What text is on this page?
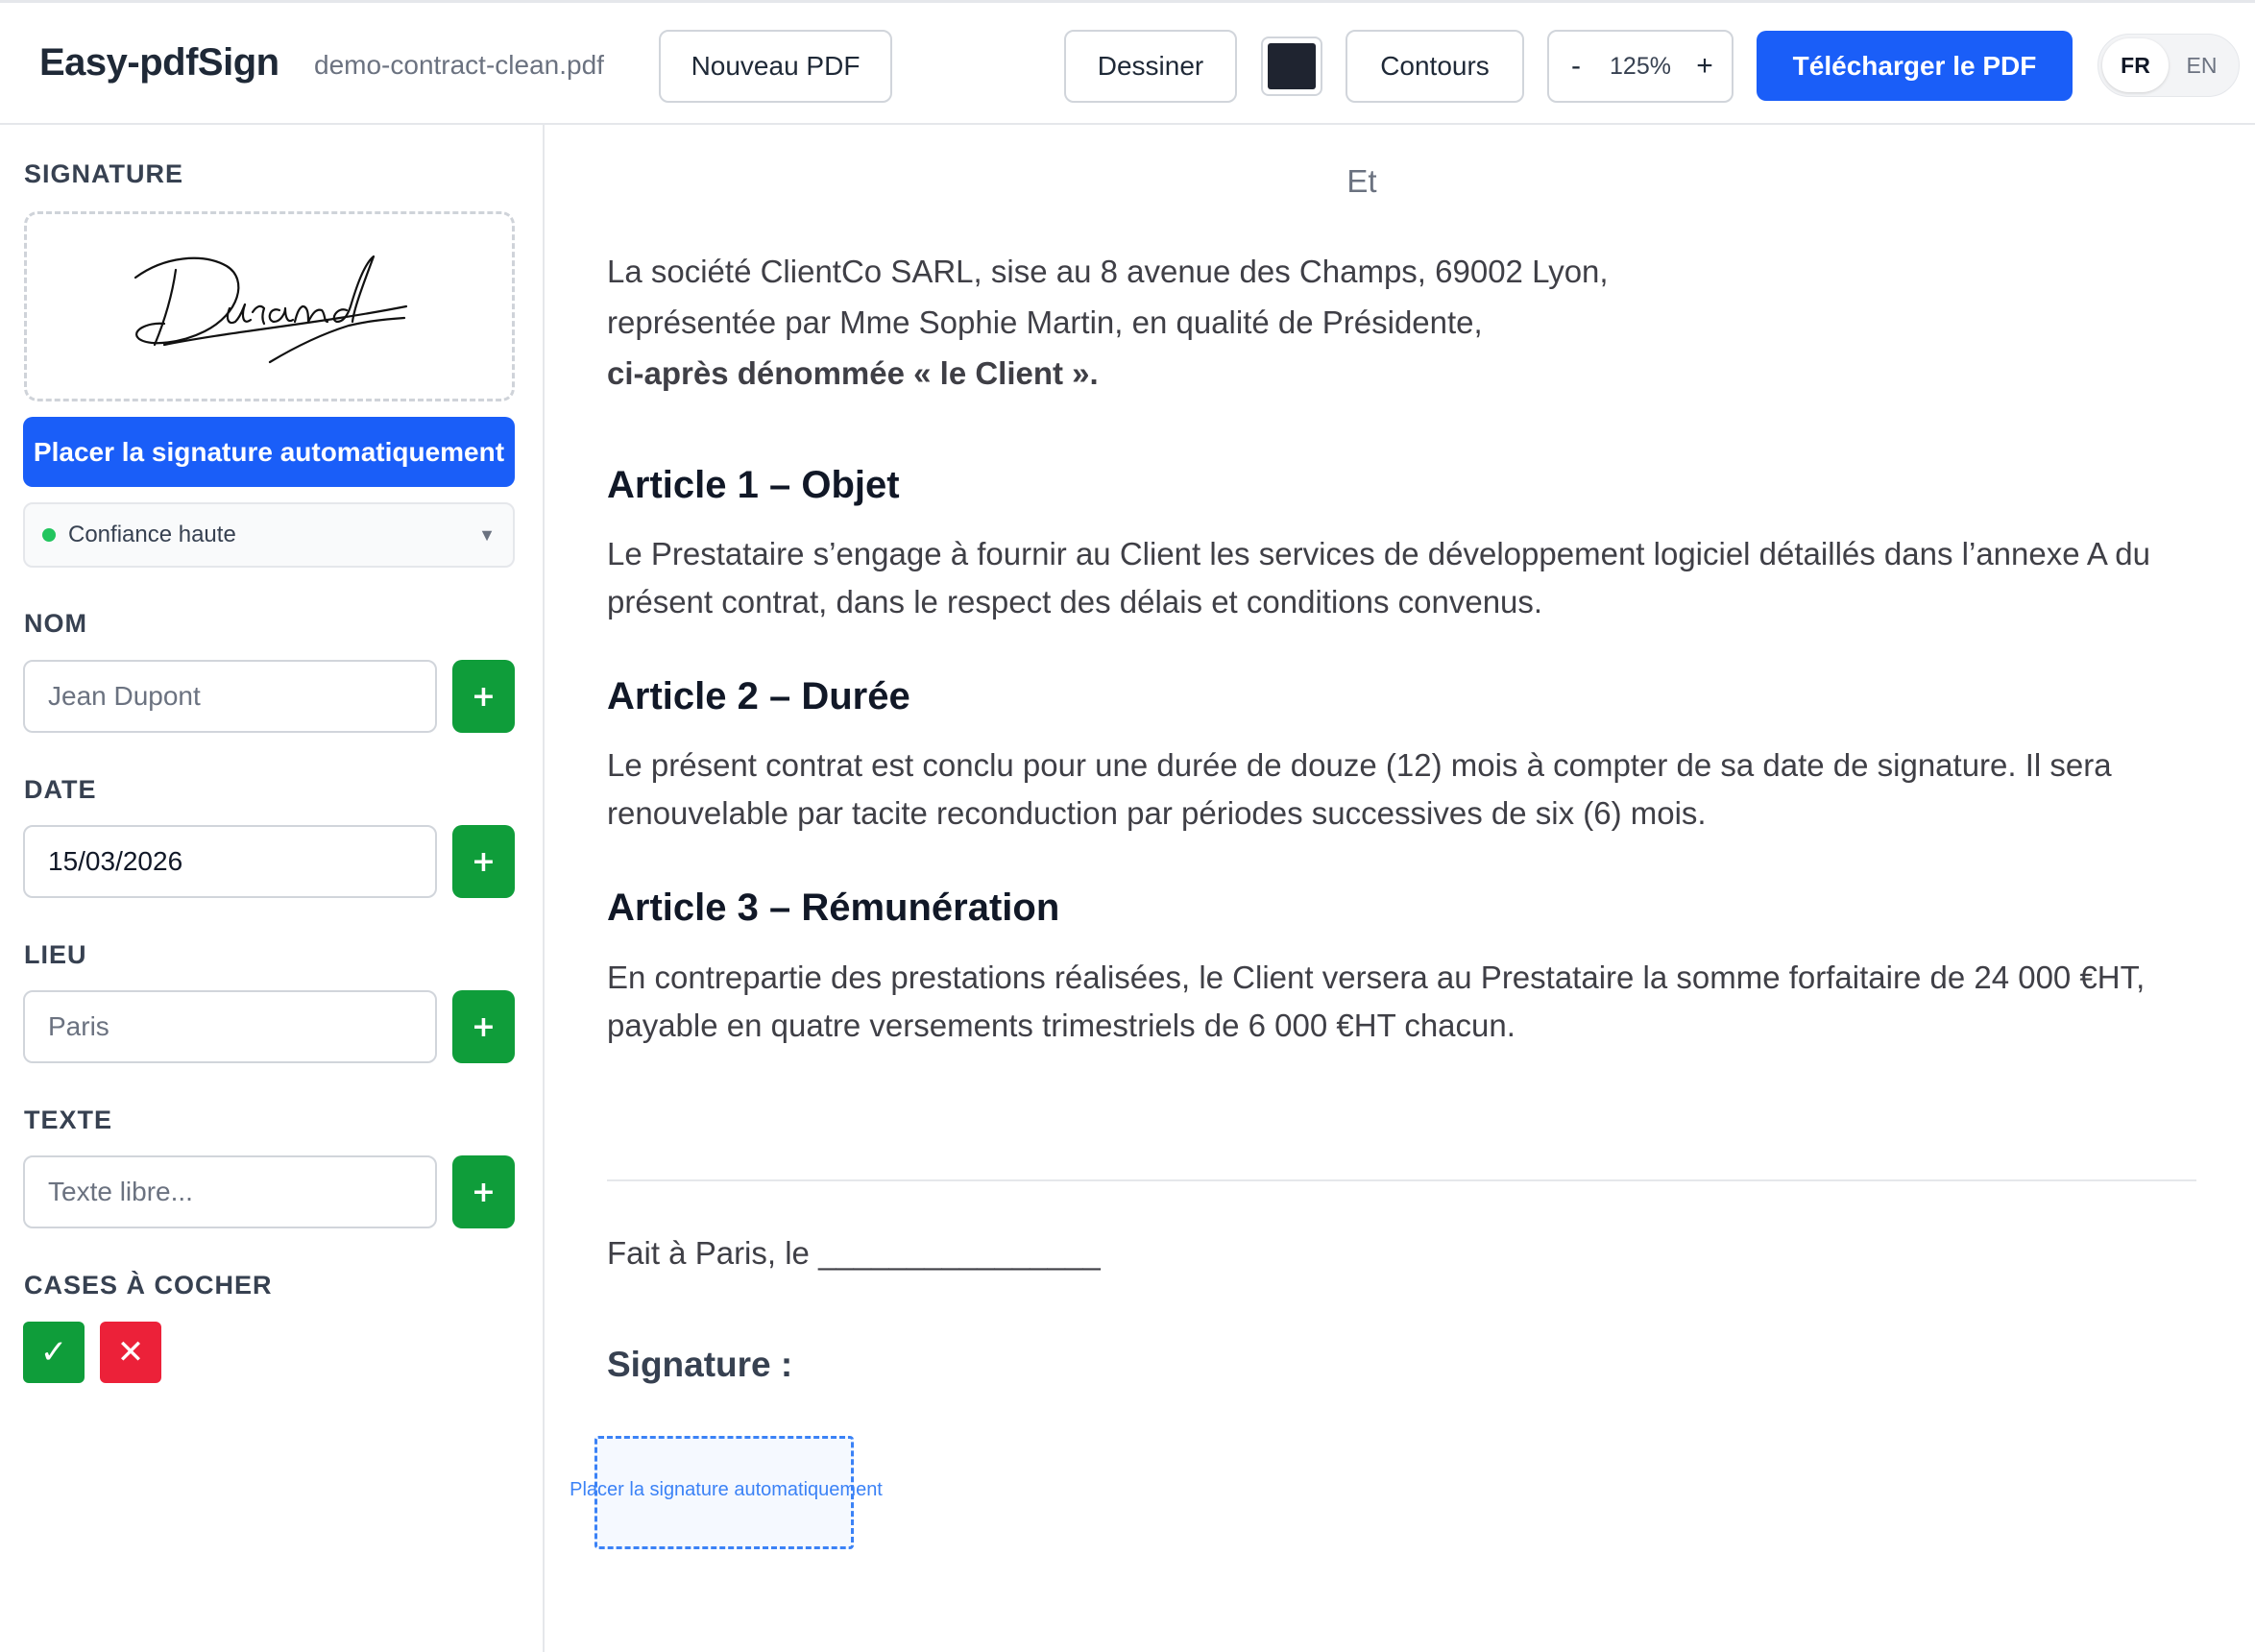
Easy-pdfSign demo-contract-clean.pdf	Nouveau PDF	Dessiner	Contours	- 125% +	Télécharger le PDF	FR	EN
SIGNATURE
Placer la signature automatiquement
Confiance haute	▼
NOM
Jean Dupont
+
DATE
15/03/2026
+
LIEU
Paris
+
TEXTE
Texte libre...
+
CASES À COCHER
✓	✕
Et
La société ClientCo SARL, sise au 8 avenue des Champs, 69002 Lyon,
représentée par Mme Sophie Martin, en qualité de Présidente,
ci-après dénommée « le Client ».
Article 1 – Objet
Le Prestataire s’engage à fournir au Client les services de développement logiciel détaillés dans l’annexe A du
présent contrat, dans le respect des délais et conditions convenus.
Article 2 – Durée
Le présent contrat est conclu pour une durée de douze (12) mois à compter de sa date de signature. Il sera
renouvelable par tacite reconduction par périodes successives de six (6) mois.
Article 3 – Rémunération
En contrepartie des prestations réalisées, le Client versera au Prestataire la somme forfaitaire de 24 000 €HT,
payable en quatre versements trimestriels de 6 000 €HT chacun.
Fait à Paris, le ________________
Signature :
Placer la signature automatiquement
